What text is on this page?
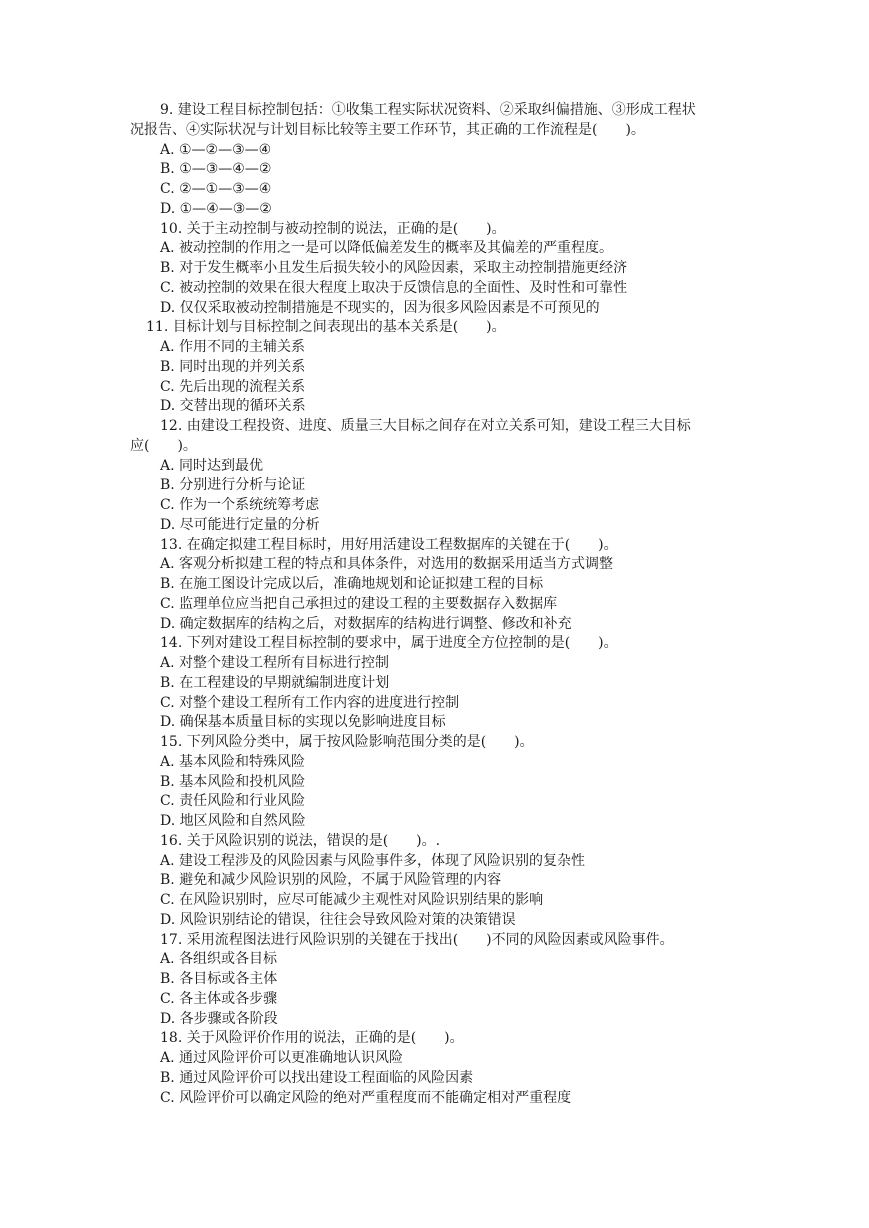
9. 建设工程目标控制包括：①收集工程实际状况资料、②采取纠偏措施、③形成工程状
况报告、④实际状况与计划目标比较等主要工作环节，其正确的工作流程是(　　)。
A. ①—②—③—④
B. ①—③—④—②
C. ②—①—③—④
D. ①—④—③—②
10. 关于主动控制与被动控制的说法，正确的是(　　)。
A. 被动控制的作用之一是可以降低偏差发生的概率及其偏差的严重程度。
B. 对于发生概率小且发生后损失较小的风险因素，采取主动控制措施更经济
C. 被动控制的效果在很大程度上取决于反馈信息的全面性、及时性和可靠性
D. 仅仅采取被动控制措施是不现实的，因为很多风险因素是不可预见的
11. 目标计划与目标控制之间表现出的基本关系是(　　)。
A. 作用不同的主辅关系
B. 同时出现的并列关系
C. 先后出现的流程关系
D. 交替出现的循环关系
12. 由建设工程投资、进度、质量三大目标之间存在对立关系可知，建设工程三大目标
应(　　)。
A. 同时达到最优
B. 分别进行分析与论证
C. 作为一个系统统筹考虑
D. 尽可能进行定量的分析
13. 在确定拟建工程目标时，用好用活建设工程数据库的关键在于(　　)。
A. 客观分析拟建工程的特点和具体条件，对选用的数据采用适当方式调整
B. 在施工图设计完成以后，准确地规划和论证拟建工程的目标
C. 监理单位应当把自己承担过的建设工程的主要数据存入数据库
D. 确定数据库的结构之后，对数据库的结构进行调整、修改和补充
14. 下列对建设工程目标控制的要求中，属于进度全方位控制的是(　　)。
A. 对整个建设工程所有目标进行控制
B. 在工程建设的早期就编制进度计划
C. 对整个建设工程所有工作内容的进度进行控制
D. 确保基本质量目标的实现以免影响进度目标
15. 下列风险分类中，属于按风险影响范围分类的是(　　)。
A. 基本风险和特殊风险
B. 基本风险和投机风险
C. 责任风险和行业风险
D. 地区风险和自然风险
16. 关于风险识别的说法，错误的是(　　)。.
A. 建设工程涉及的风险因素与风险事件多，体现了风险识别的复杂性
B. 避免和减少风险识别的风险，不属于风险管理的内容
C. 在风险识别时，应尽可能减少主观性对风险识别结果的影响
D. 风险识别结论的错误，往往会导致风险对策的决策错误
17. 采用流程图法进行风险识别的关键在于找出(　　)不同的风险因素或风险事件。
A. 各组织或各目标
B. 各目标或各主体
C. 各主体或各步骤
D. 各步骤或各阶段
18. 关于风险评价作用的说法，正确的是(　　)。
A. 通过风险评价可以更准确地认识风险
B. 通过风险评价可以找出建设工程面临的风险因素
C. 风险评价可以确定风险的绝对严重程度而不能确定相对严重程度
